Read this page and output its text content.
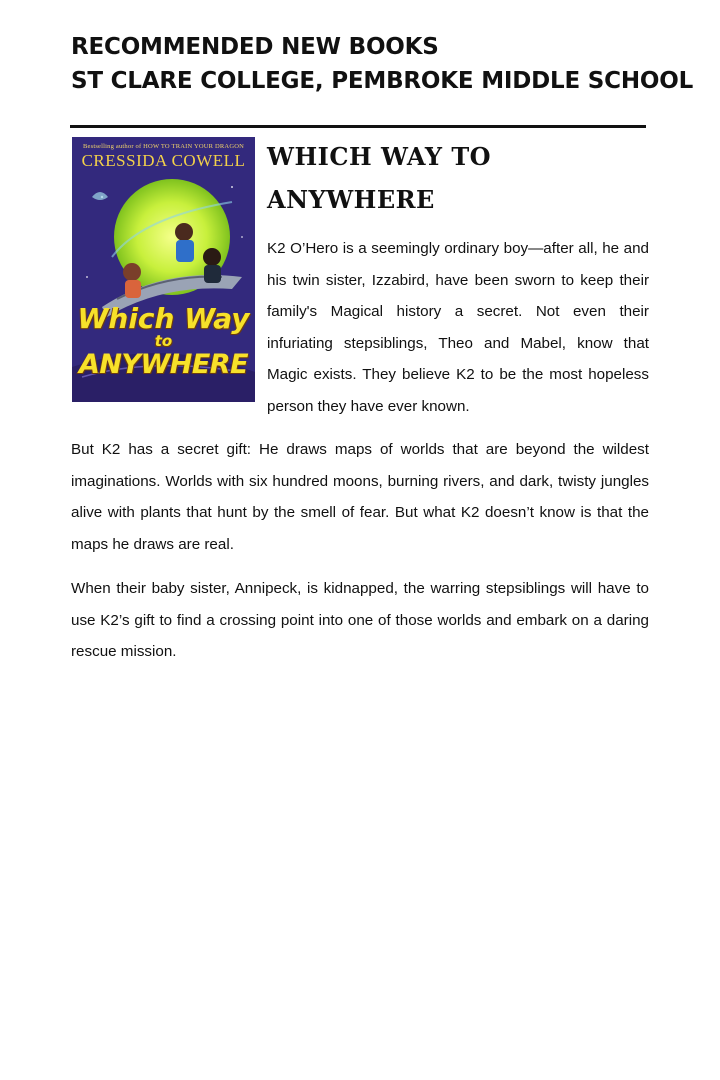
RECOMMENDED NEW BOOKS
ST CLARE COLLEGE, PEMBROKE MIDDLE SCHOOL
Bestselling author of HOW TO TRAIN YOUR DRAGON
CRESSIDA COWELL
Which Way
to
ANYWHERE
WHICH WAY TO ANYWHERE

K2 O’Hero is a seemingly ordinary boy—after all, he and his twin sister, Izzabird, have been sworn to keep their family's Magical history a secret. Not even their infuriating stepsiblings, Theo and Mabel, know that Magic exists. They believe K2 to be the most hopeless person they have ever known.

But K2 has a secret gift: He draws maps of worlds that are beyond the wildest imaginations. Worlds with six hundred moons, burning rivers, and dark, twisty jungles alive with plants that hunt by the smell of fear. But what K2 doesn’t know is that the maps he draws are real.

When their baby sister, Annipeck, is kidnapped, the warring stepsiblings will have to use K2’s gift to find a crossing point into one of those worlds and embark on a daring rescue mission.
